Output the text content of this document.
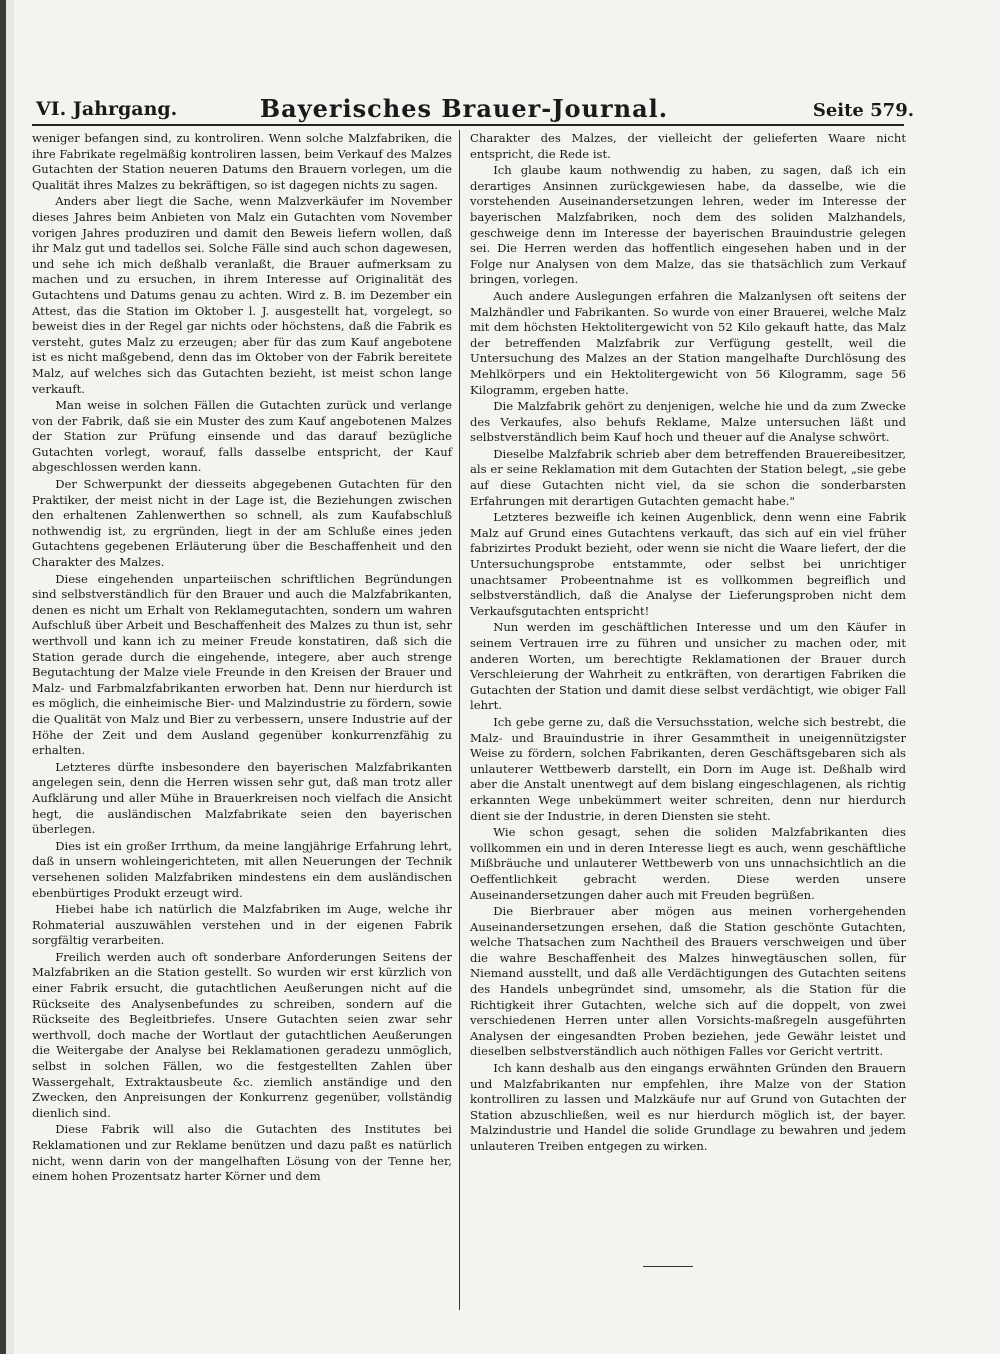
VI. Jahrgang.	Bayerisches Brauer-Journal.	Seite 579.

weniger befangen sind, zu kontroliren. Wenn solche Malzfabriken, die ihre Fabrikate regelmäßig kontroliren lassen, beim Verkauf des Malzes Gutachten der Station neueren Datums den Brauern vorlegen, um die Qualität ihres Malzes zu bekräftigen, so ist dagegen nichts zu sagen.

Anders aber liegt die Sache, wenn Malzverkäufer im November dieses Jahres beim Anbieten von Malz ein Gutachten vom November vorigen Jahres produziren und damit den Beweis liefern wollen, daß ihr Malz gut und tadellos sei. Solche Fälle sind auch schon dagewesen, und sehe ich mich deßhalb veranlaßt, die Brauer aufmerksam zu machen und zu ersuchen, in ihrem Interesse auf Originalität des Gutachtens und Datums genau zu achten. Wird z. B. im Dezember ein Attest, das die Station im Oktober l. J. ausgestellt hat, vorgelegt, so beweist dies in der Regel gar nichts oder höchstens, daß die Fabrik es versteht, gutes Malz zu erzeugen; aber für das zum Kauf angebotene ist es nicht maßgebend, denn das im Oktober von der Fabrik bereitete Malz, auf welches sich das Gutachten bezieht, ist meist schon lange verkauft.

Man weise in solchen Fällen die Gutachten zurück und verlange von der Fabrik, daß sie ein Muster des zum Kauf angebotenen Malzes der Station zur Prüfung einsende und das darauf bezügliche Gutachten vorlegt, worauf, falls dasselbe entspricht, der Kauf abgeschlossen werden kann.

Der Schwerpunkt der diesseits abgegebenen Gutachten für den Praktiker, der meist nicht in der Lage ist, die Beziehungen zwischen den erhaltenen Zahlenwerthen so schnell, als zum Kaufabschluß nothwendig ist, zu ergründen, liegt in der am Schluße eines jeden Gutachtens gegebenen Erläuterung über die Beschaffenheit und den Charakter des Malzes.

Diese eingehenden unparteiischen schriftlichen Begründungen sind selbstverständlich für den Brauer und auch die Malzfabrikanten, denen es nicht um Erhalt von Reklamegutachten, sondern um wahren Aufschluß über Arbeit und Beschaffenheit des Malzes zu thun ist, sehr werthvoll und kann ich zu meiner Freude konstatiren, daß sich die Station gerade durch die eingehende, integere, aber auch strenge Begutachtung der Malze viele Freunde in den Kreisen der Brauer und Malz- und Farbmalzfabrikanten erworben hat. Denn nur hierdurch ist es möglich, die einheimische Bier- und Malzindustrie zu fördern, sowie die Qualität von Malz und Bier zu verbessern, unsere Industrie auf der Höhe der Zeit und dem Ausland gegenüber konkurrenzfähig zu erhalten.

Letzteres dürfte insbesondere den bayerischen Malzfabrikanten angelegen sein, denn die Herren wissen sehr gut, daß man trotz aller Aufklärung und aller Mühe in Brauerkreisen noch vielfach die Ansicht hegt, die ausländischen Malzfabrikate seien den bayerischen überlegen.

Dies ist ein großer Irrthum, da meine langjährige Erfahrung lehrt, daß in unsern wohleingerichteten, mit allen Neuerungen der Technik versehenen soliden Malzfabriken mindestens ein dem ausländischen ebenbürtiges Produkt erzeugt wird.

Hiebei habe ich natürlich die Malzfabriken im Auge, welche ihr Rohmaterial auszuwählen verstehen und in der eigenen Fabrik sorgfältig verarbeiten.

Freilich werden auch oft sonderbare Anforderungen Seitens der Malzfabriken an die Station gestellt. So wurden wir erst kürzlich von einer Fabrik ersucht, die gutachtlichen Aeußerungen nicht auf die Rückseite des Analysenbefundes zu schreiben, sondern auf die Rückseite des Begleitbriefes. Unsere Gutachten seien zwar sehr werthvoll, doch mache der Wortlaut der gutachtlichen Aeußerungen die Weitergabe der Analyse bei Reklamationen geradezu unmöglich, selbst in solchen Fällen, wo die festgestellten Zahlen über Wassergehalt, Extraktausbeute &c. ziemlich anständige und den Zwecken, den Anpreisungen der Konkurrenz gegenüber, vollständig dienlich sind.

Diese Fabrik will also die Gutachten des Institutes bei Reklamationen und zur Reklame benützen und dazu paßt es natürlich nicht, wenn darin von der mangelhaften Lösung von der Tenne her, einem hohen Prozentsatz harter Körner und dem

Charakter des Malzes, der vielleicht der gelieferten Waare nicht entspricht, die Rede ist.

Ich glaube kaum nothwendig zu haben, zu sagen, daß ich ein derartiges Ansinnen zurückgewiesen habe, da dasselbe, wie die vorstehenden Auseinandersetzungen lehren, weder im Interesse der bayerischen Malzfabriken, noch dem des soliden Malzhandels, geschweige denn im Interesse der bayerischen Brauindustrie gelegen sei. Die Herren werden das hoffentlich eingesehen haben und in der Folge nur Analysen von dem Malze, das sie thatsächlich zum Verkauf bringen, vorlegen.

Auch andere Auslegungen erfahren die Malzanlysen oft seitens der Malzhändler und Fabrikanten. So wurde von einer Brauerei, welche Malz mit dem höchsten Hektolitergewicht von 52 Kilo gekauft hatte, das Malz der betreffenden Malzfabrik zur Verfügung gestellt, weil die Untersuchung des Malzes an der Station mangelhafte Durchlösung des Mehlkörpers und ein Hektolitergewicht von 56 Kilogramm, sage 56 Kilogramm, ergeben hatte.

Die Malzfabrik gehört zu denjenigen, welche hie und da zum Zwecke des Verkaufes, also behufs Reklame, Malze untersuchen läßt und selbstverständlich beim Kauf hoch und theuer auf die Analyse schwört.

Dieselbe Malzfabrik schrieb aber dem betreffenden Brauereibesitzer, als er seine Reklamation mit dem Gutachten der Station belegt, „sie gebe auf diese Gutachten nicht viel, da sie schon die sonderbarsten Erfahrungen mit derartigen Gutachten gemacht habe."

Letzteres bezweifle ich keinen Augenblick, denn wenn eine Fabrik Malz auf Grund eines Gutachtens verkauft, das sich auf ein viel früher fabrizirtes Produkt bezieht, oder wenn sie nicht die Waare liefert, der die Untersuchungsprobe entstammte, oder selbst bei unrichtiger unachtsamer Probeentnahme ist es vollkommen begreiflich und selbstverständlich, daß die Analyse der Lieferungsproben nicht dem Verkaufsgutachten entspricht!

Nun werden im geschäftlichen Interesse und um den Käufer in seinem Vertrauen irre zu führen und unsicher zu machen oder, mit anderen Worten, um berechtigte Reklamationen der Brauer durch Verschleierung der Wahrheit zu entkräften, von derartigen Fabriken die Gutachten der Station und damit diese selbst verdächtigt, wie obiger Fall lehrt.

Ich gebe gerne zu, daß die Versuchsstation, welche sich bestrebt, die Malz- und Brauindustrie in ihrer Gesammtheit in uneigennützigster Weise zu fördern, solchen Fabrikanten, deren Geschäftsgebaren sich als unlauterer Wettbewerb darstellt, ein Dorn im Auge ist. Deßhalb wird aber die Anstalt unentwegt auf dem bislang eingeschlagenen, als richtig erkannten Wege unbekümmert weiter schreiten, denn nur hierdurch dient sie der Industrie, in deren Diensten sie steht.

Wie schon gesagt, sehen die soliden Malzfabrikanten dies vollkommen ein und in deren Interesse liegt es auch, wenn geschäftliche Mißbräuche und unlauterer Wettbewerb von uns unnachsichtlich an die Oeffentlichkeit gebracht werden. Diese werden unsere Auseinandersetzungen daher auch mit Freuden begrüßen.

Die Bierbrauer aber mögen aus meinen vorhergehenden Auseinandersetzungen ersehen, daß die Station geschönte Gutachten, welche Thatsachen zum Nachtheil des Brauers verschweigen und über die wahre Beschaffenheit des Malzes hinwegtäuschen sollen, für Niemand ausstellt, und daß alle Verdächtigungen des Gutachten seitens des Handels unbegründet sind, umsomehr, als die Station für die Richtigkeit ihrer Gutachten, welche sich auf die doppelt, von zwei verschiedenen Herren unter allen Vorsichts-maßregeln ausgeführten Analysen der eingesandten Proben beziehen, jede Gewähr leistet und dieselben selbstverständlich auch nöthigen Falles vor Gericht vertritt.

Ich kann deshalb aus den eingangs erwähnten Gründen den Brauern und Malzfabrikanten nur empfehlen, ihre Malze von der Station kontrolliren zu lassen und Malzkäufe nur auf Grund von Gutachten der Station abzuschließen, weil es nur hierdurch möglich ist, der bayer. Malzindustrie und Handel die solide Grundlage zu bewahren und jedem unlauteren Treiben entgegen zu wirken.
